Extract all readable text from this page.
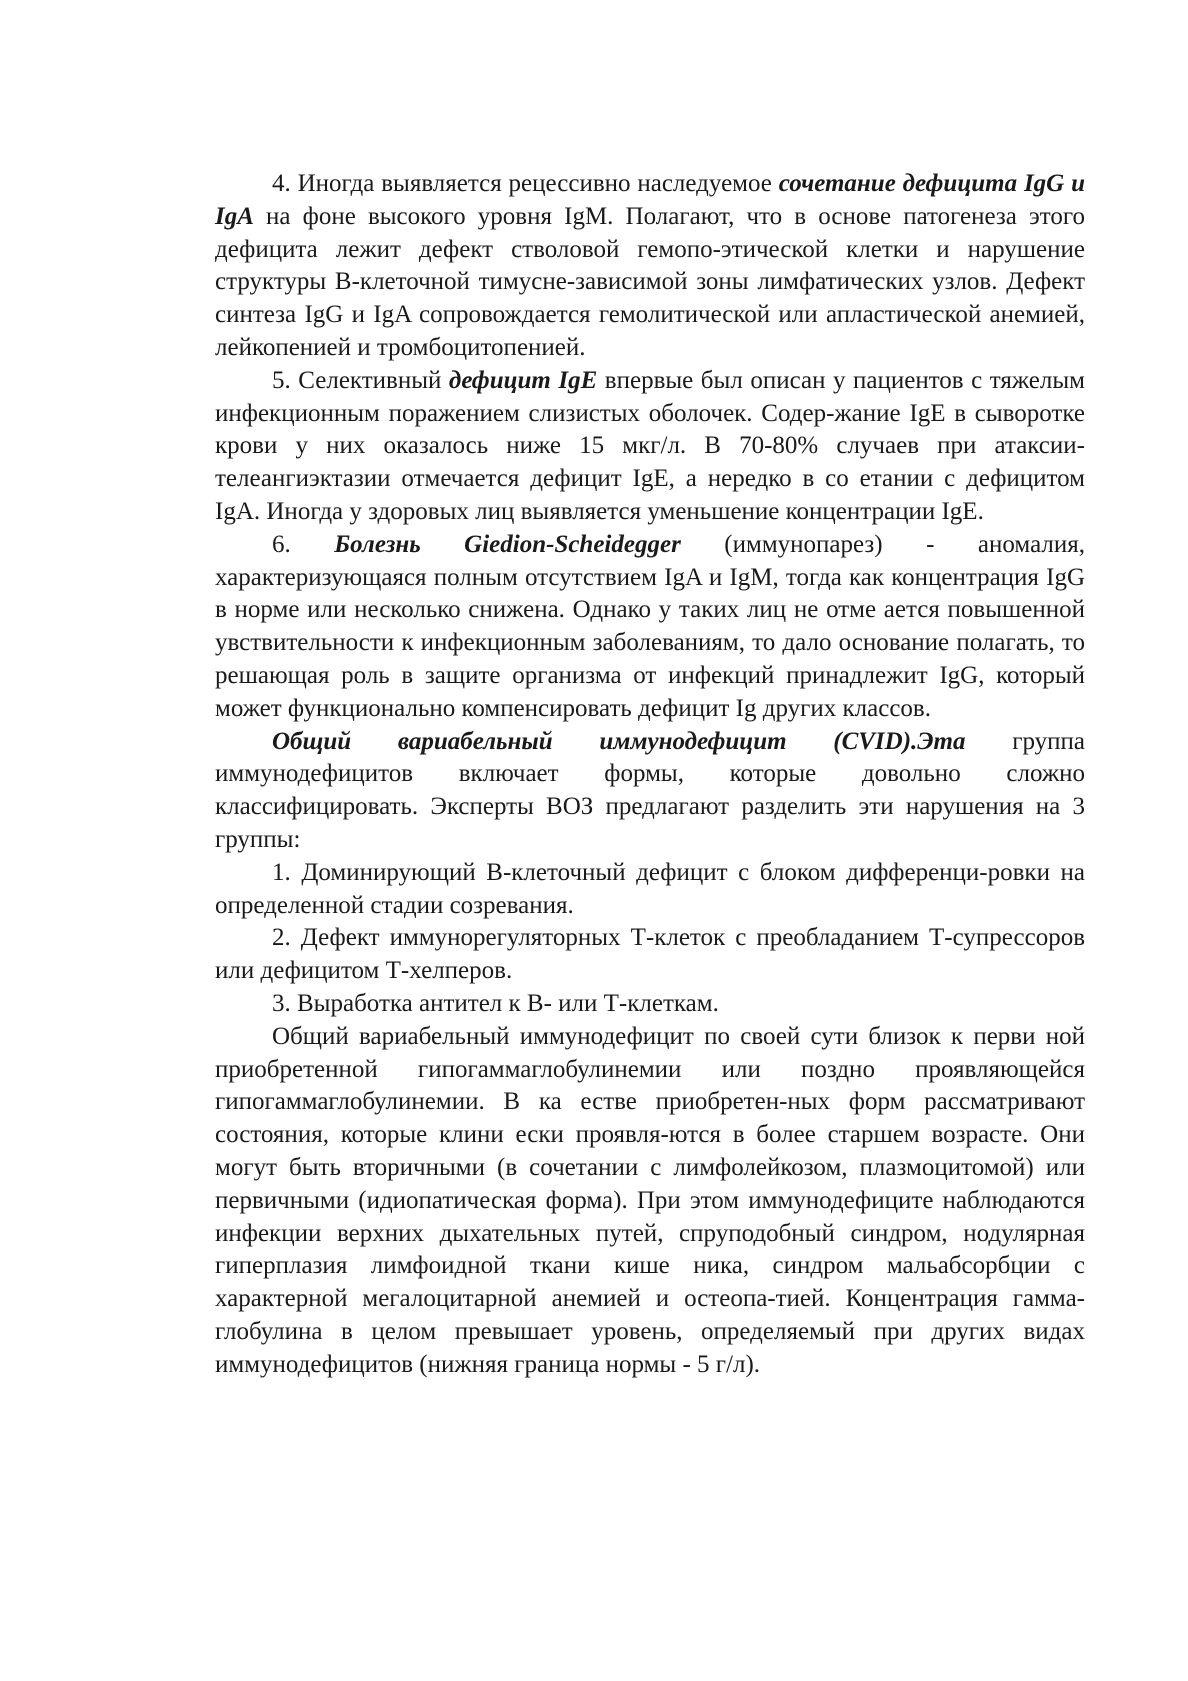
4. Иногда выявляется рецессивно наследуемое сочетание дефицита IgG и IgA на фоне высокого уровня IgM. Полагают, что в основе патогенеза этого дефицита лежит дефект стволовой гемопо-этической клетки и нарушение структуры В-клеточной тимусне-зависимой зоны лимфатических узлов. Дефект синтеза IgG и IgA сопровождается гемолитической или апластической анемией, лейкопенией и тромбоцитопенией.

5. Селективный дефицит IgE впервые был описан у пациентов с тяжелым инфекционным поражением слизистых оболочек. Содер-жание IgE в сыворотке крови у них оказалось ниже 15 мкг/л. В 70-80% случаев при атаксии-телеангиэктазии отмечается дефицит IgE, а нередко в со етании с дефицитом IgA. Иногда у здоровых лиц выявляется уменьшение концентрации IgE.

6. Болезнь Giedion-Scheidegger (иммунопарез) - аномалия, характеризующаяся полным отсутствием IgA и IgM, тогда как концентрация IgG в норме или несколько снижена. Однако у таких лиц не отме ается повышенной увствительности к инфекционным заболеваниям, то дало основание полагать, то решающая роль в защите организма от инфекций принадлежит IgG, который может функционально компенсировать дефицит Ig других классов.

Общий вариабельный иммунодефицит (CVID).Эта группа иммунодефицитов включает формы, которые довольно сложно классифицировать. Эксперты ВОЗ предлагают разделить эти нарушения на 3 группы:

1. Доминирующий В-клеточный дефицит с блоком дифференци-ровки на определенной стадии созревания.

2. Дефект иммунорегуляторных Т-клеток с преобладанием Т-супрессоров или дефицитом Т-хелперов.

3. Выработка антител к В- или Т-клеткам.

Общий вариабельный иммунодефицит по своей сути близок к перви ной приобретенной гипогаммаглобулинемии или поздно проявляющейся гипогаммаглобулинемии. В ка естве приобретен-ных форм рассматривают состояния, которые клини ески проявля-ются в более старшем возрасте. Они могут быть вторичными (в сочетании с лимфолейкозом, плазмоцитомой) или первичными (идиопатическая форма). При этом иммунодефиците наблюдаются инфекции верхних дыхательных путей, спруподобный синдром, нодулярная гиперплазия лимфоидной ткани кише ника, синдром мальабсорбции с характерной мегалоцитарной анемией и остеопа-тией. Концентрация гамма-глобулина в целом превышает уровень, определяемый при других видах иммунодефицитов (нижняя граница нормы - 5 г/л).
